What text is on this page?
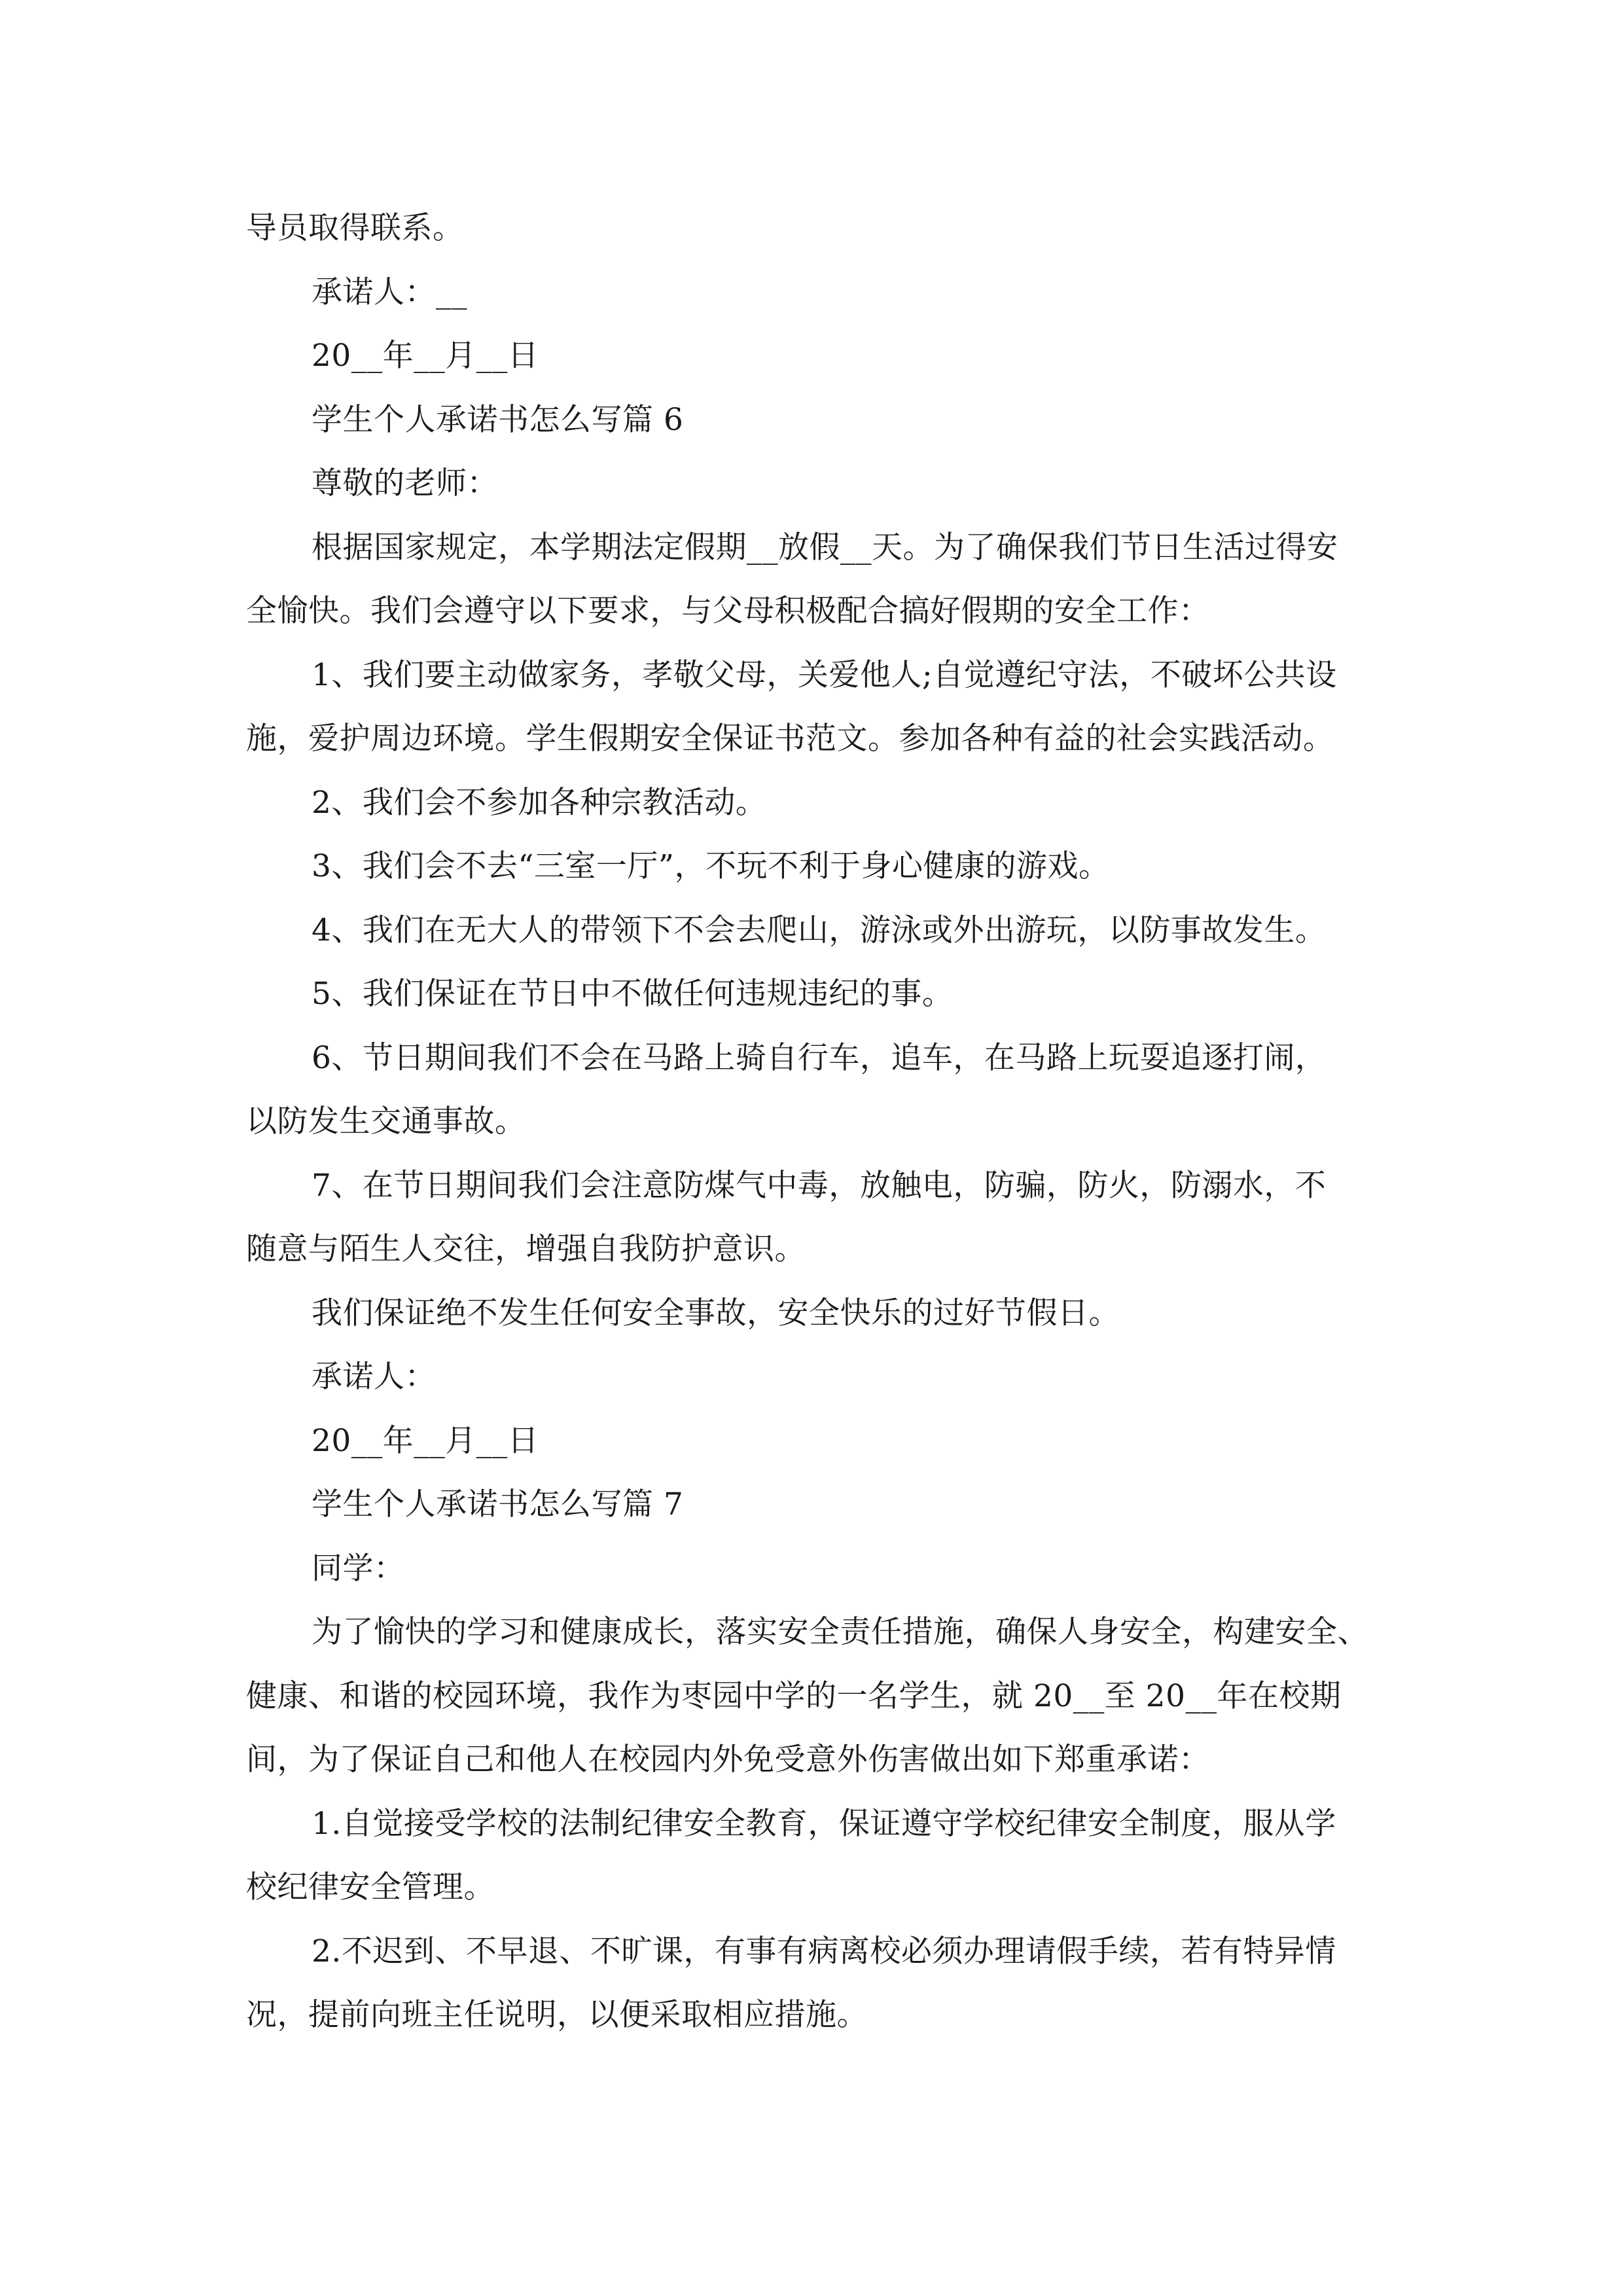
导员取得联系。

承诺人：__

20__年__月__日

学生个人承诺书怎么写篇 6

尊敬的老师：

根据国家规定，本学期法定假期__放假__天。为了确保我们节日生活过得安

全愉快。我们会遵守以下要求，与父母积极配合搞好假期的安全工作：

1、我们要主动做家务，孝敬父母，关爱他人;自觉遵纪守法，不破坏公共设

施，爱护周边环境。学生假期安全保证书范文。参加各种有益的社会实践活动。

2、我们会不参加各种宗教活动。

3、我们会不去“三室一厅”，不玩不利于身心健康的游戏。

4、我们在无大人的带领下不会去爬山，游泳或外出游玩，以防事故发生。

5、我们保证在节日中不做任何违规违纪的事。

6、节日期间我们不会在马路上骑自行车，追车，在马路上玩耍追逐打闹，

以防发生交通事故。

7、在节日期间我们会注意防煤气中毒，放触电，防骗，防火，防溺水，不

随意与陌生人交往，增强自我防护意识。

我们保证绝不发生任何安全事故，安全快乐的过好节假日。

承诺人：

20__年__月__日

学生个人承诺书怎么写篇 7

同学：

为了愉快的学习和健康成长，落实安全责任措施，确保人身安全，构建安全、

健康、和谐的校园环境，我作为枣园中学的一名学生，就 20__至 20__年在校期

间，为了保证自己和他人在校园内外免受意外伤害做出如下郑重承诺：

1.自觉接受学校的法制纪律安全教育，保证遵守学校纪律安全制度，服从学

校纪律安全管理。

2.不迟到、不早退、不旷课，有事有病离校必须办理请假手续，若有特异情

况，提前向班主任说明，以便采取相应措施。
